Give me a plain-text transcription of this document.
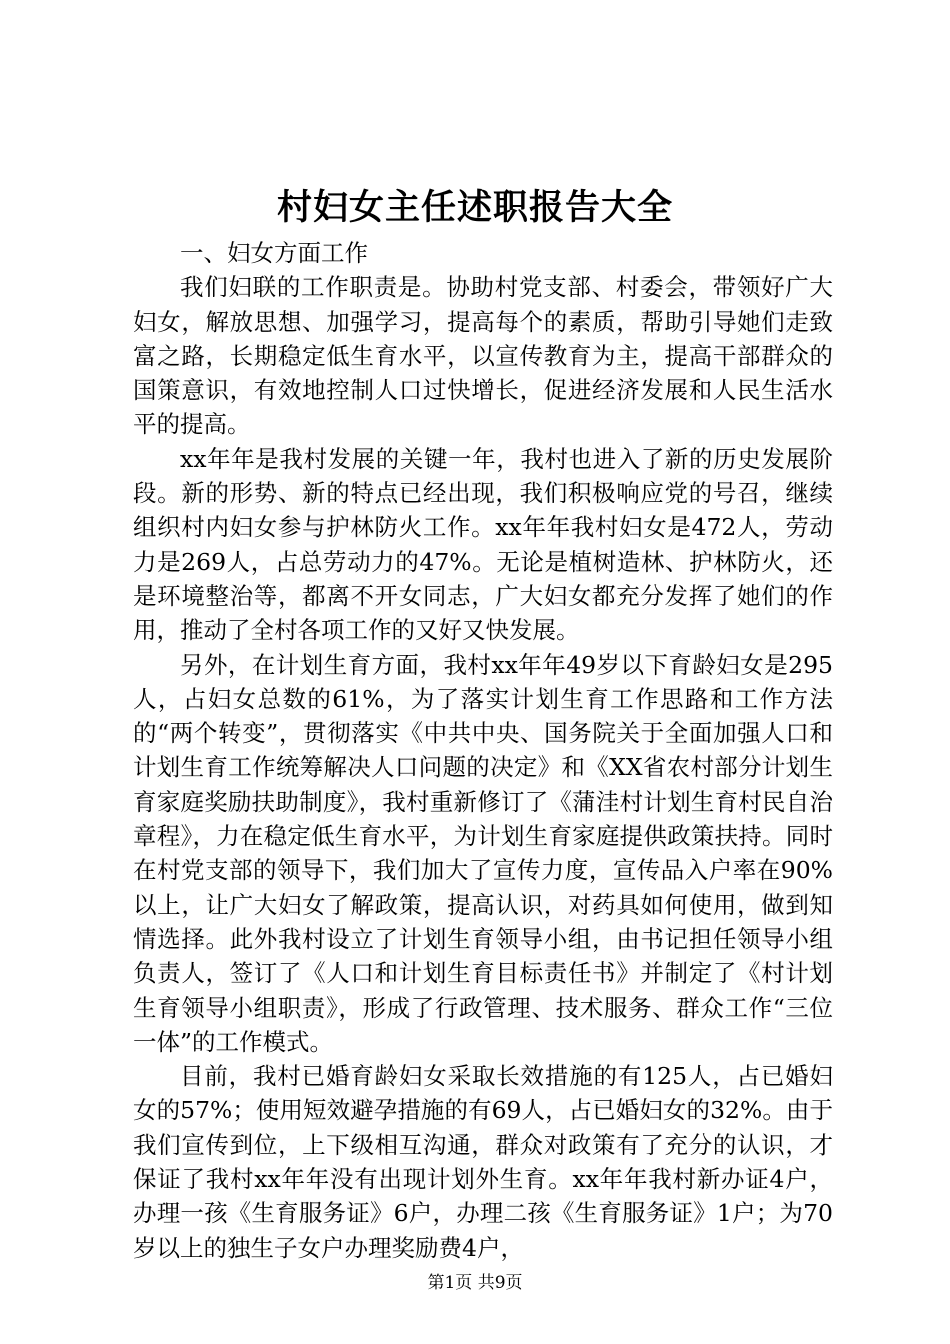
村妇女主任述职报告大全

一、妇女方面工作

我们妇联的工作职责是。协助村党支部、村委会，带领好广大妇女，解放思想、加强学习，提高每个的素质，帮助引导她们走致富之路，长期稳定低生育水平，以宣传教育为主，提高干部群众的国策意识，有效地控制人口过快增长，促进经济发展和人民生活水平的提高。

xx年年是我村发展的关键一年，我村也进入了新的历史发展阶段。新的形势、新的特点已经出现，我们积极响应党的号召，继续组织村内妇女参与护林防火工作。xx年年我村妇女是472人，劳动力是269人，占总劳动力的47%。无论是植树造林、护林防火，还是环境整治等，都离不开女同志，广大妇女都充分发挥了她们的作用，推动了全村各项工作的又好又快发展。

另外，在计划生育方面，我村xx年年49岁以下育龄妇女是295人，占妇女总数的61%，为了落实计划生育工作思路和工作方法的“两个转变”，贯彻落实《中共中央、国务院关于全面加强人口和计划生育工作统筹解决人口问题的决定》和《XX省农村部分计划生育家庭奖励扶助制度》，我村重新修订了《蒲洼村计划生育村民自治章程》，力在稳定低生育水平，为计划生育家庭提供政策扶持。同时在村党支部的领导下，我们加大了宣传力度，宣传品入户率在90%以上，让广大妇女了解政策，提高认识，对药具如何使用，做到知情选择。此外我村设立了计划生育领导小组，由书记担任领导小组负责人，签订了《人口和计划生育目标责任书》并制定了《村计划生育领导小组职责》，形成了行政管理、技术服务、群众工作“三位一体”的工作模式。

目前，我村已婚育龄妇女采取长效措施的有125人，占已婚妇女的57%；使用短效避孕措施的有69人，占已婚妇女的32%。由于我们宣传到位，上下级相互沟通，群众对政策有了充分的认识，才保证了我村xx年年没有出现计划外生育。xx年年我村新办证4户，办理一孩《生育服务证》6户，办理二孩《生育服务证》1户；为70岁以上的独生子女户办理奖励费4户，

第1页 共9页
